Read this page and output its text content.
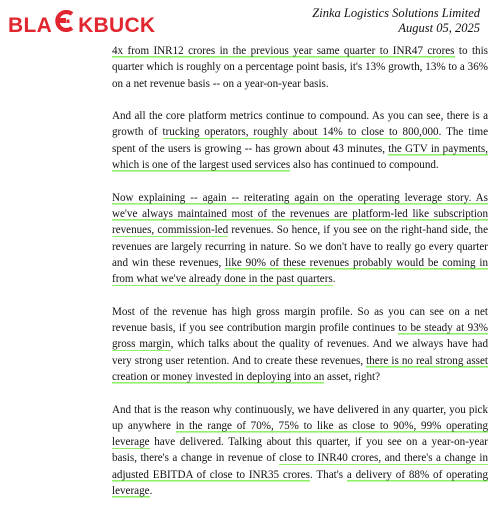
BLA KBUCK
Zinka Logistics Solutions Limited
August 05, 2025

4x from INR12 crores in the previous year same quarter to INR47 crores to this quarter which is roughly on a percentage point basis, it's 13% growth, 13% to a 36% on a net revenue basis -- on a year-on-year basis.

And all the core platform metrics continue to compound. As you can see, there is a growth of trucking operators, roughly about 14% to close to 800,000. The time spent of the users is growing -- has grown about 43 minutes, the GTV in payments, which is one of the largest used services also has continued to compound.

Now explaining -- again -- reiterating again on the operating leverage story. As we've always maintained most of the revenues are platform-led like subscription revenues, commission-led revenues. So hence, if you see on the right-hand side, the revenues are largely recurring in nature. So we don't have to really go every quarter and win these revenues, like 90% of these revenues probably would be coming in from what we've already done in the past quarters.

Most of the revenue has high gross margin profile. So as you can see on a net revenue basis, if you see contribution margin profile continues to be steady at 93% gross margin, which talks about the quality of revenues. And we always have had very strong user retention. And to create these revenues, there is no real strong asset creation or money invested in deploying into an asset, right?

And that is the reason why continuously, we have delivered in any quarter, you pick up anywhere in the range of 70%, 75% to like as close to 90%, 99% operating leverage have delivered. Talking about this quarter, if you see on a year-on-year basis, there's a change in revenue of close to INR40 crores, and there's a change in adjusted EBITDA of close to INR35 crores. That's a delivery of 88% of operating leverage.
